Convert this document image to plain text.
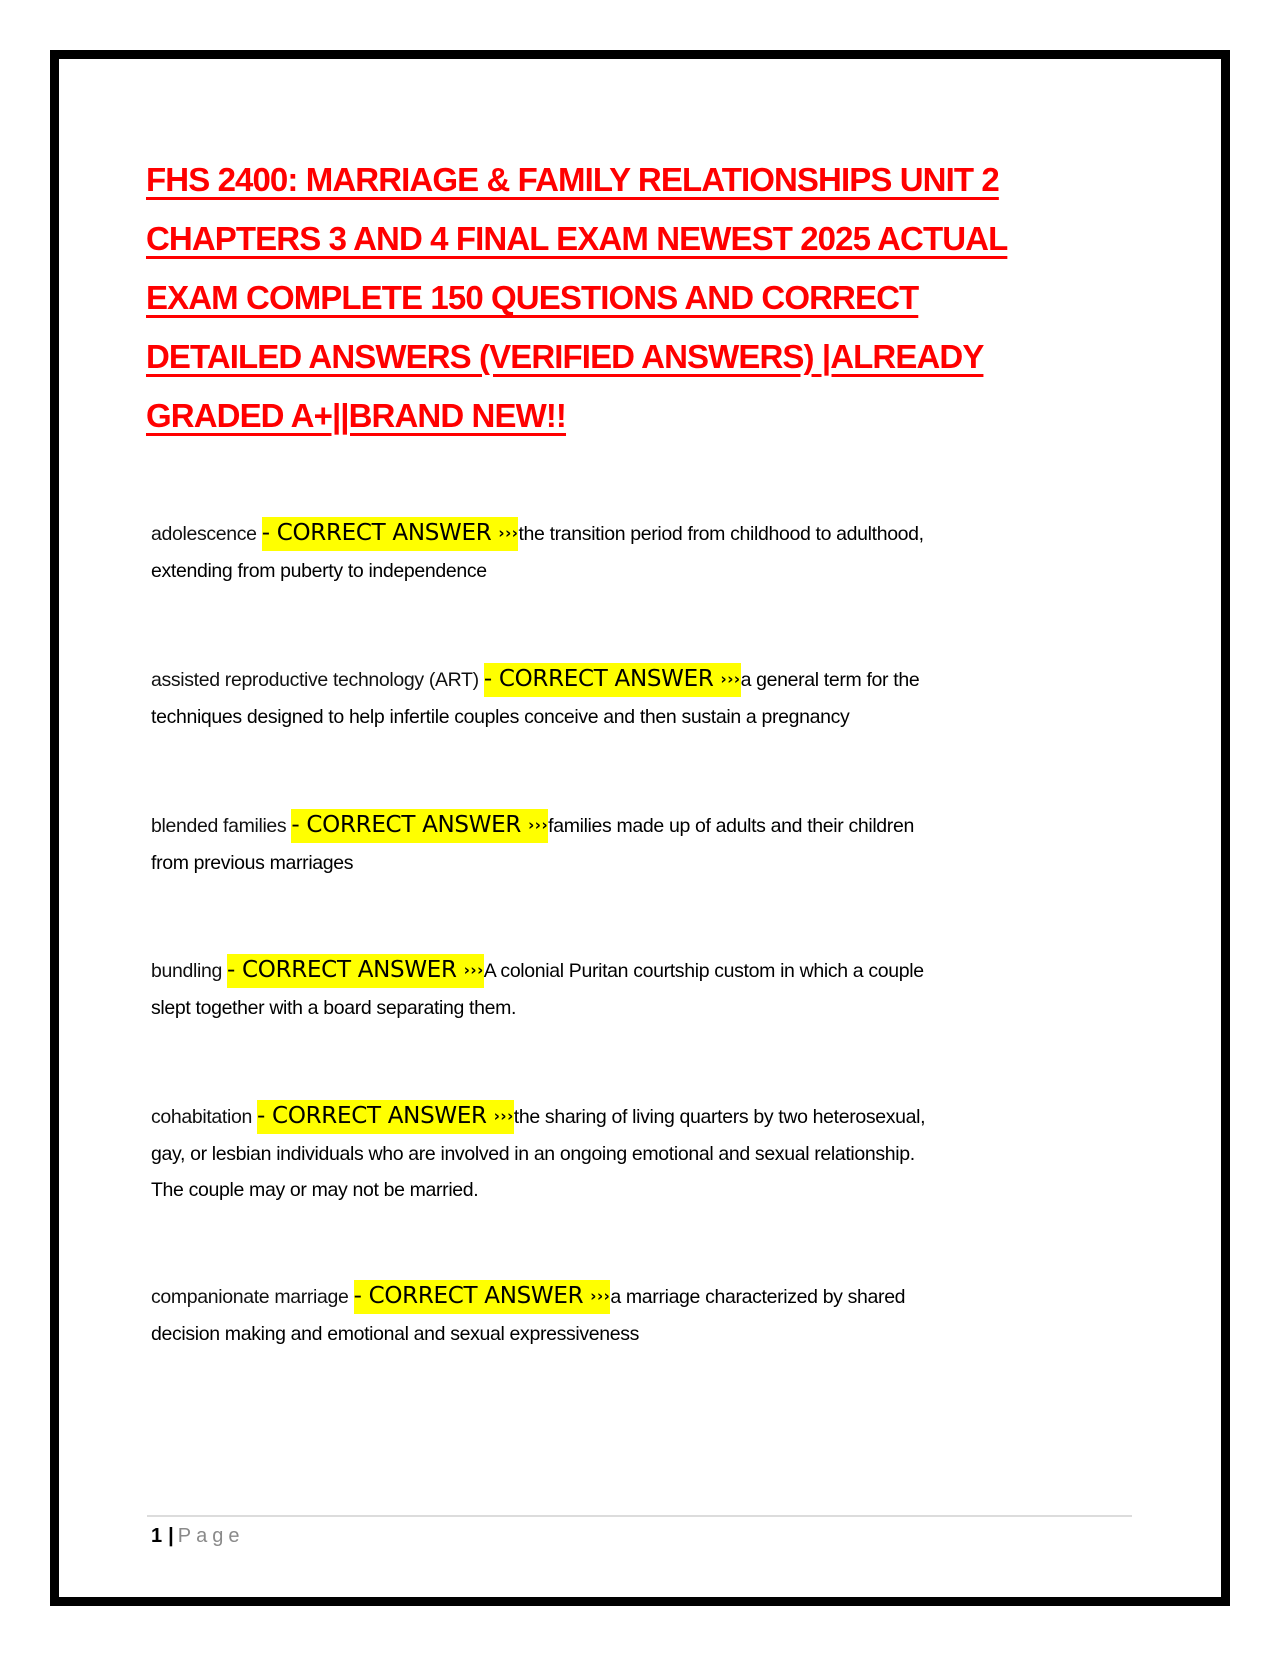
FHS 2400: MARRIAGE & FAMILY RELATIONSHIPS UNIT 2
CHAPTERS 3 AND 4 FINAL EXAM NEWEST 2025 ACTUAL
EXAM COMPLETE 150 QUESTIONS AND CORRECT
DETAILED ANSWERS (VERIFIED ANSWERS) |ALREADY
GRADED A+||BRAND NEW!!

adolescence - CORRECT ANSWER ›››the transition period from childhood to adulthood,
extending from puberty to independence

assisted reproductive technology (ART) - CORRECT ANSWER ›››a general term for the
techniques designed to help infertile couples conceive and then sustain a pregnancy

blended families - CORRECT ANSWER ›››families made up of adults and their children
from previous marriages

bundling - CORRECT ANSWER ›››A colonial Puritan courtship custom in which a couple
slept together with a board separating them.

cohabitation - CORRECT ANSWER ›››the sharing of living quarters by two heterosexual,
gay, or lesbian individuals who are involved in an ongoing emotional and sexual relationship.
The couple may or may not be married.

companionate marriage - CORRECT ANSWER ›››a marriage characterized by shared
decision making and emotional and sexual expressiveness

1 | Page
